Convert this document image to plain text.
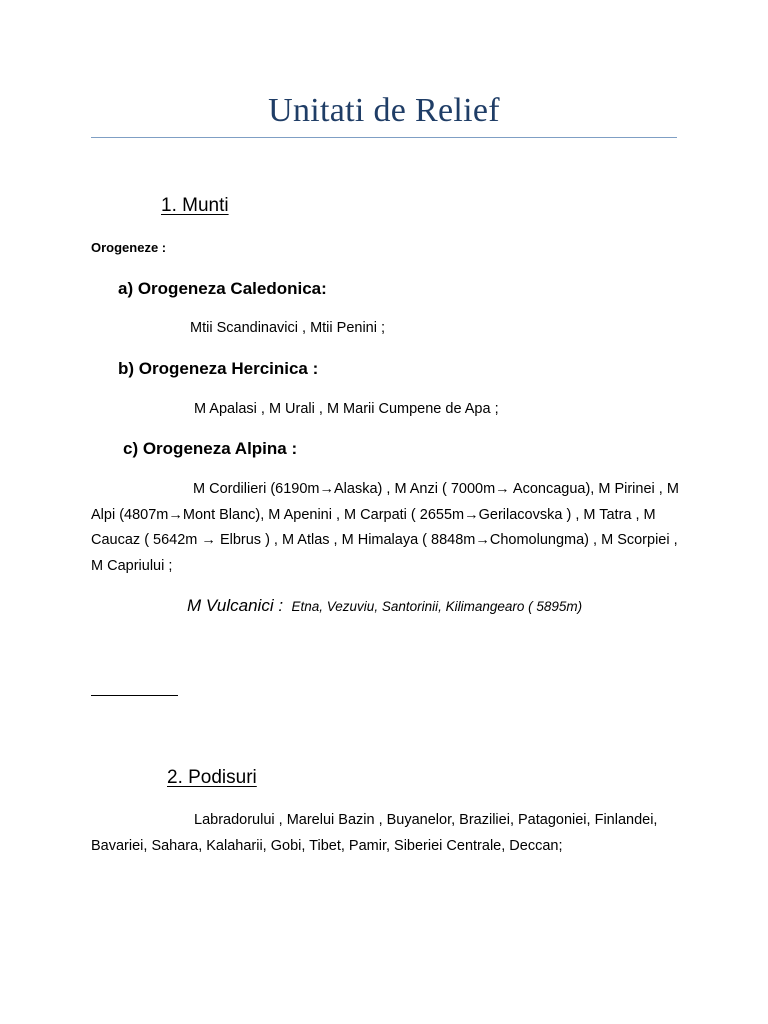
Unitati de Relief
1. Munti
Orogeneze :
a) Orogeneza Caledonica:
Mtii Scandinavici , Mtii Penini ;
b) Orogeneza Hercinica :
M Apalasi , M Urali , M Marii Cumpene de Apa ;
c) Orogeneza Alpina :
M Cordilieri (6190m→Alaska) , M Anzi ( 7000m→ Aconcagua), M Pirinei , M Alpi (4807m→Mont Blanc), M Apenini , M Carpati ( 2655m→Gerilacovska ) , M Tatra , M Caucaz ( 5642m → Elbrus ) , M Atlas , M Himalaya ( 8848m→Chomolungma) , M Scorpiei , M Capriului ;
M Vulcanici : Etna, Vezuviu, Santorinii, Kilimangearo ( 5895m)
2. Podisuri
Labradorului , Marelui Bazin , Buyanelor, Braziliei, Patagoniei, Finlandei, Bavariei, Sahara, Kalaharii, Gobi, Tibet, Pamir, Siberiei Centrale, Deccan;
